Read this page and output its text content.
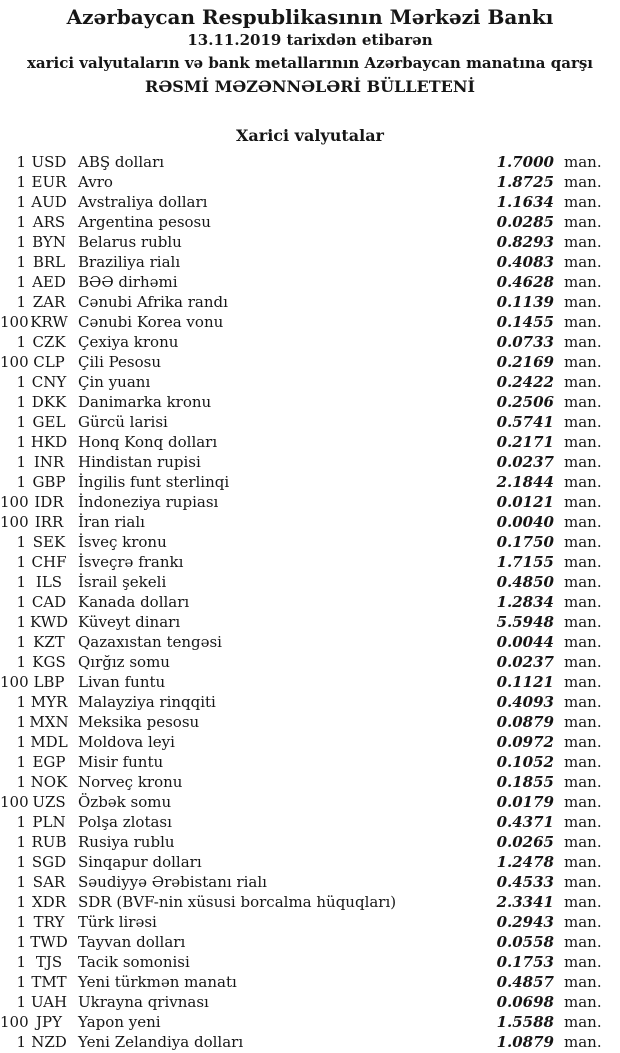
Azərbaycan Respublikasının Mərkəzi Bankı
13.11.2019 tarixdən etibarən
xarici valyutaların və bank metallarının Azərbaycan manatına qarşı
RƏSMİ MƏZƏNNƏLƏRİ BÜLLETENİ
Xarici valyutalar
1 USD ABŞ dolları	1.7000 man.
1 EUR Avro	1.8725 man.
1 AUD Avstraliya dolları	1.1634 man.
1 ARS Argentina pesosu	0.0285 man.
1 BYN Belarus rublu	0.8293 man.
1 BRL Braziliya rialı	0.4083 man.
1 AED BƏƏ dirhəmi	0.4628 man.
1 ZAR Cənubi Afrika randı	0.1139 man.
100 KRW Cənubi Korea vonu	0.1455 man.
1 CZK Çexiya kronu	0.0733 man.
100 CLP Çili Pesosu	0.2169 man.
1 CNY Çin yuanı	0.2422 man.
1 DKK Danimarka kronu	0.2506 man.
1 GEL Gürcü larisi	0.5741 man.
1 HKD Honq Konq dolları	0.2171 man.
1 INR Hindistan rupisi	0.0237 man.
1 GBP İngilis funt sterlinqi	2.1844 man.
100 IDR İndoneziya rupiası	0.0121 man.
100 IRR İran rialı	0.0040 man.
1 SEK İsveç kronu	0.1750 man.
1 CHF İsveçrə frankı	1.7155 man.
1 ILS	İsrail şekeli	0.4850 man.
1 CAD Kanada dolları	1.2834 man.
1 KWD Küveyt dinarı	5.5948 man.
1 KZT Qazaxıstan tengəsi	0.0044 man.
1 KGS Qırğız somu	0.0237 man.
100 LBP Livan funtu	0.1121 man.
1 MYR Malayziya rinqqiti	0.4093 man.
1 MXN Meksika pesosu	0.0879 man.
1 MDL Moldova leyi	0.0972 man.
1 EGP Misir funtu	0.1052 man.
1 NOK Norveç kronu	0.1855 man.
100 UZS Özbək somu	0.0179 man.
1 PLN Polşa zlotası	0.4371 man.
1 RUB Rusiya rublu	0.0265 man.
1 SGD Sinqapur dolları	1.2478 man.
1 SAR Səudiyyə Ərəbistanı rialı	0.4533 man.
1 XDR SDR (BVF-nin xüsusi borcalma hüquqları)	2.3341 man.
1 TRY Türk lirəsi	0.2943 man.
1 TWD Tayvan dolları	0.0558 man.
1 TJS	Tacik somonisi	0.1753 man.
1 TMT Yeni türkmən manatı	0.4857 man.
1 UAH Ukrayna qrivnası	0.0698 man.
100 JPY	Yapon yeni	1.5588 man.
1 NZD Yeni Zelandiya dolları	1.0879 man.
